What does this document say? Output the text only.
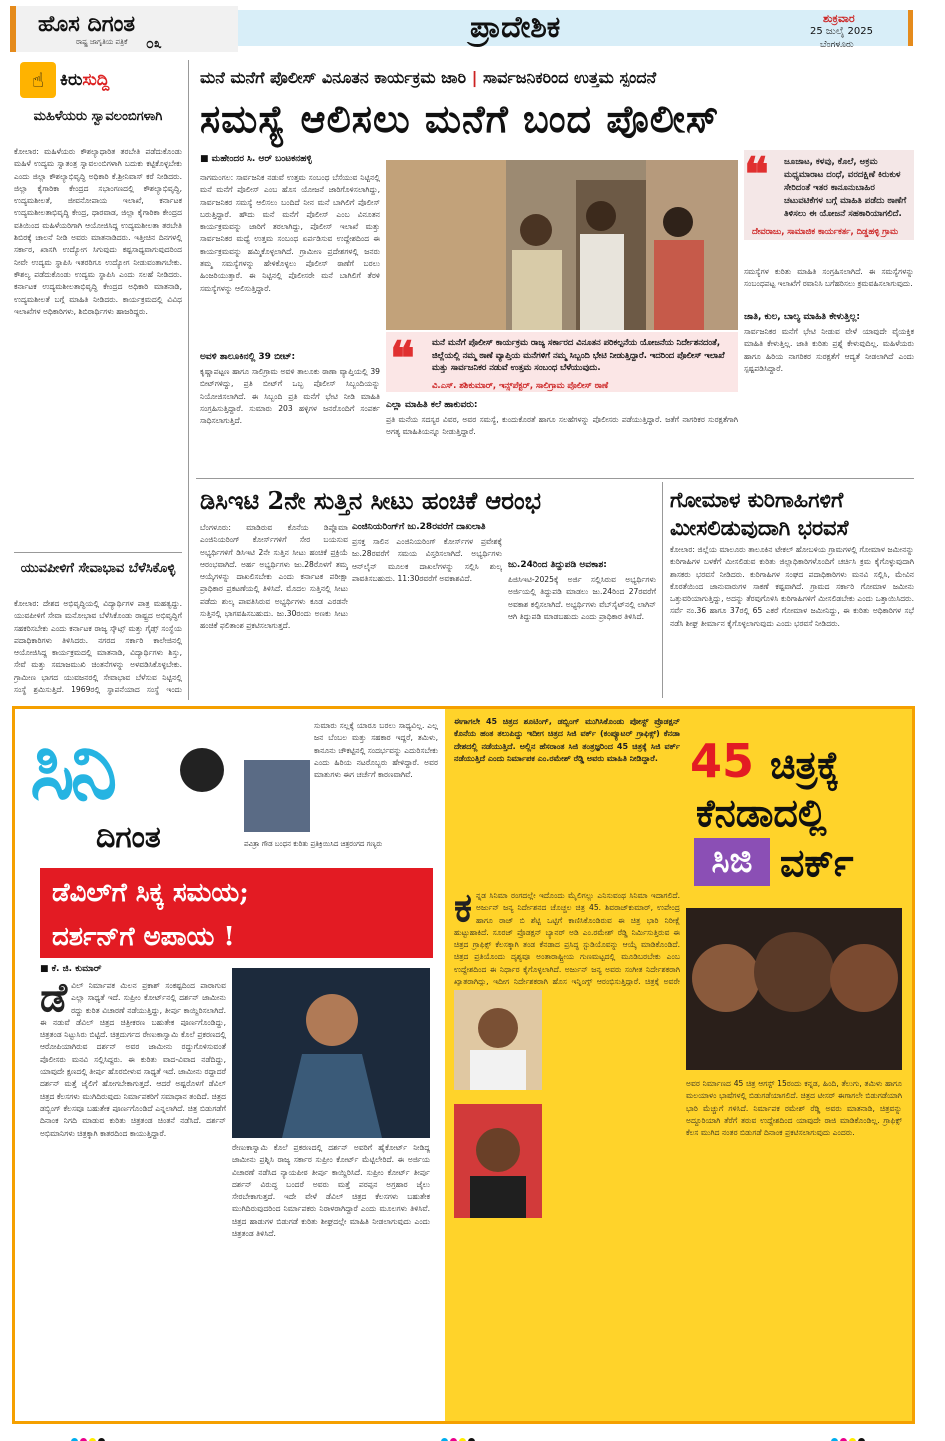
ಹೊಸ ದಿಗಂತ
ರಾಷ್ಟ್ರ ಜಾಗೃತಿಯ ಪತ್ರಿಕೆ ೦೩	ಪ್ರಾದೇಶಿಕ	ಶುಕ್ರವಾರ
25 ಜುಲೈ 2025
ಬೆಂಗಳೂರು
☝ ಕಿರುಸುದ್ದಿ
ಮಹಿಳೆಯರು ಸ್ವಾವಲಂಬಿಗಳಾಗಿ
ಕೋಲಾರ: ಮಹಿಳೆಯರು ಕೌಶಲ್ಯಾಧಾರಿತ ತರಬೇತಿ ಪಡೆದುಕೊಂಡು ಮಹಿಳೆ ಉದ್ಯಮ ಸ್ವಾತಂತ್ರ ಸ್ವಾವಲಂಬಿಗಳಾಗಿ ಬದುಕು ಕಟ್ಟಿಕೊಳ್ಳಬೇಕು ಎಂದು ಜಿಲ್ಲಾ ಕೌಶಲ್ಯಾಭಿವೃದ್ಧಿ ಅಧಿಕಾರಿ ಕೆ.ಶ್ರೀನಿವಾಸ್ ಕರೆ ನೀಡಿದರು. ಜಿಲ್ಲಾ ಕೈಗಾರಿಕಾ ಕೇಂದ್ರದ ಸಭಾಂಗಣದಲ್ಲಿ ಕೌಶಲ್ಯಾಭಿವೃದ್ಧಿ, ಉದ್ಯಮಶೀಲತೆ, ಜೀವನೋಪಾಯ ಇಲಾಖೆ, ಕರ್ನಾಟಕ ಉದ್ಯಮಶೀಲತಾಭಿವೃದ್ಧಿ ಕೇಂದ್ರ, ಧಾರವಾಡ, ಜಿಲ್ಲಾ ಕೈಗಾರಿಕಾ ಕೇಂದ್ರದ ವತಿಯಿಂದ ಮಹಿಳೆಯರಿಗಾಗಿ ಆಯೋಜಿಸಿದ್ದ ಉದ್ಯಮಶೀಲತಾ ತರಬೇತಿ ಶಿಬಿರಕ್ಕೆ ಚಾಲನೆ ನೀಡಿ ಅವರು ಮಾತನಾಡಿದರು. ಇತ್ತೀಚಿನ ದಿನಗಳಲ್ಲಿ ಸರ್ಕಾರ, ಖಾಸಗಿ ಉದ್ಯೋಗ ಸಿಗುವುದು ಕಷ್ಟಸಾಧ್ಯವಾಗುವುದರಿಂದ ನೀವೇ ಉದ್ಯಮ ಸ್ಥಾಪಿಸಿ ಇತರರಿಗೂ ಉದ್ಯೋಗ ನೀಡುವಂತಾಗಬೇಕು. ಕೌಶಲ್ಯ ಪಡೆದುಕೊಂಡು ಉದ್ಯಮ ಸ್ಥಾಪಿಸಿ ಎಂದು ಸಲಹೆ ನೀಡಿದರು. ಕರ್ನಾಟಕ ಉದ್ಯಮಶೀಲತಾಭಿವೃದ್ಧಿ ಕೇಂದ್ರದ ಅಧಿಕಾರಿ ಮಾತನಾಡಿ, ಉದ್ಯಮಶೀಲತೆ ಬಗ್ಗೆ ಮಾಹಿತಿ ನೀಡಿದರು. ಕಾರ್ಯಕ್ರಮದಲ್ಲಿ ವಿವಿಧ ಇಲಾಖೆಗಳ ಅಧಿಕಾರಿಗಳು, ಶಿಬಿರಾರ್ಥಿಗಳು ಹಾಜರಿದ್ದರು.
ಯುವಪೀಳಿಗೆ ಸೇವಾಭಾವ ಬೆಳೆಸಿಕೊಳ್ಳಿ
ಕೋಲಾರ: ದೇಶದ ಅಭಿವೃದ್ಧಿಯಲ್ಲಿ ವಿದ್ಯಾರ್ಥಿಗಳ ಪಾತ್ರ ಮಹತ್ವದ್ದು. ಯುವಪೀಳಿಗೆ ಸೇವಾ ಮನೋಭಾವ ಬೆಳೆಸಿಕೊಂಡು ರಾಷ್ಟ್ರದ ಅಭಿವೃದ್ಧಿಗೆ ಸಹಕರಿಸಬೇಕು ಎಂದು ಕರ್ನಾಟಕ ರಾಜ್ಯ ಸ್ಕೌಟ್ಸ್ ಮತ್ತು ಗೈಡ್ಸ್ ಸಂಸ್ಥೆಯ ಪದಾಧಿಕಾರಿಗಳು ತಿಳಿಸಿದರು. ನಗರದ ಸರ್ಕಾರಿ ಕಾಲೇಜಿನಲ್ಲಿ ಆಯೋಜಿಸಿದ್ದ ಕಾರ್ಯಕ್ರಮದಲ್ಲಿ ಮಾತನಾಡಿ, ವಿದ್ಯಾರ್ಥಿಗಳು ಶಿಸ್ತು, ಸೇವೆ ಮತ್ತು ಸಮಾಜಮುಖಿ ಚಿಂತನೆಗಳನ್ನು ಅಳವಡಿಸಿಕೊಳ್ಳಬೇಕು. ಗ್ರಾಮೀಣ ಭಾಗದ ಯುವಜನರಲ್ಲಿ ಸೇವಾಭಾವ ಬೆಳೆಸುವ ನಿಟ್ಟಿನಲ್ಲಿ ಸಂಸ್ಥೆ ಶ್ರಮಿಸುತ್ತಿದೆ. 1969ರಲ್ಲಿ ಸ್ಥಾಪನೆಯಾದ ಸಂಸ್ಥೆ ಇಂದು
ಮನೆ ಮನೆಗೆ ಪೊಲೀಸ್ ವಿನೂತನ ಕಾರ್ಯಕ್ರಮ ಜಾರಿ | ಸಾರ್ವಜನಿಕರಿಂದ ಉತ್ತಮ ಸ್ಪಂದನೆ
ಸಮಸ್ಯೆ ಆಲಿಸಲು ಮನೆಗೆ ಬಂದ ಪೊಲೀಸ್
■ ಮಹೇಂದರ ಸಿ. ಆರ್ ಬಂಟಕನಹಳ್ಳಿ
ನಾಗಮಂಗಲ: ಸಾರ್ವಜನಿಕ ನಡುವೆ ಉತ್ತಮ ಸಂಬಂಧ ಬೆಸೆಯುವ ನಿಟ್ಟಿನಲ್ಲಿ ಮನೆ ಮನೆಗೆ ಪೊಲೀಸ್ ಎಂಬ ಹೊಸ ಯೋಜನೆ ಜಾರಿಗೊಳಿಸಲಾಗಿದ್ದು, ಸಾರ್ವಜನಿಕರ ಸಮಸ್ಯೆ ಆಲಿಸಲು ಬಂದಿದೆ ನೀನ ಮನೆ ಬಾಗಿಲಿಗೆ ಪೊಲೀಸ್ ಬರುತ್ತಿದ್ದಾರೆ. ಹೌದು ಮನೆ ಮನೆಗೆ ಪೊಲೀಸ್ ಎಂಬ ವಿನೂತನ ಕಾರ್ಯಕ್ರಮವನ್ನು ಜಾರಿಗೆ ತರಲಾಗಿದ್ದು, ಪೊಲೀಸ್ ಇಲಾಖೆ ಮತ್ತು ಸಾರ್ವಜನಿಕರ ಮಧ್ಯೆ ಉತ್ತಮ ಸಂಬಂಧ ಏರ್ಪಡಿಸುವ ಉದ್ದೇಶದಿಂದ ಈ ಕಾರ್ಯಕ್ರಮವನ್ನು ಹಮ್ಮಿಕೊಳ್ಳಲಾಗಿದೆ. ಗ್ರಾಮೀಣ ಪ್ರದೇಶಗಳಲ್ಲಿ ಜನರು ತಮ್ಮ ಸಮಸ್ಯೆಗಳನ್ನು ಹೇಳಿಕೊಳ್ಳಲು ಪೊಲೀಸ್ ಠಾಣೆಗೆ ಬರಲು ಹಿಂಜರಿಯುತ್ತಾರೆ. ಈ ನಿಟ್ಟಿನಲ್ಲಿ ಪೊಲೀಸರೇ ಮನೆ ಬಾಗಿಲಿಗೆ ತೆರಳಿ ಸಮಸ್ಯೆಗಳನ್ನು ಆಲಿಸುತ್ತಿದ್ದಾರೆ.
ಅವಳಿ ತಾಲೂಕಿನಲ್ಲಿ 39 ಬೀಟ್:
ಕೃಷ್ಣಾಪಟ್ಟಣ ಹಾಗೂ ಸಾಲಿಗ್ರಾಮ ಅವಳಿ ತಾಲೂಕು ಠಾಣಾ ವ್ಯಾಪ್ತಿಯಲ್ಲಿ 39 ಬೀಟ್‌ಗಳಿದ್ದು, ಪ್ರತಿ ಬೀಟ್‌ಗೆ ಒಬ್ಬ ಪೊಲೀಸ್ ಸಿಬ್ಬಂದಿಯನ್ನು ನಿಯೋಜಿಸಲಾಗಿದೆ. ಈ ಸಿಬ್ಬಂದಿ ಪ್ರತಿ ಮನೆಗೆ ಭೇಟಿ ನೀಡಿ ಮಾಹಿತಿ ಸಂಗ್ರಹಿಸುತ್ತಿದ್ದಾರೆ. ಸುಮಾರು 203 ಹಳ್ಳಿಗಳ ಜನರೊಂದಿಗೆ ಸಂಪರ್ಕ ಸಾಧಿಸಲಾಗುತ್ತಿದೆ.
❝ ಜೂಜಾಟ, ಕಳವು, ಕೊಲೆ, ಅಕ್ರಮ ಮಧ್ಯಮಾರಾಟ ದಂಧೆ, ವರದಕ್ಷಿಣೆ ಕಿರುಕುಳ ಸೇರಿದಂತೆ ಇತರ ಕಾನೂನುಬಾಹಿರ ಚಟುವಟಿಕೆಗಳ ಬಗ್ಗೆ ಮಾಹಿತಿ ಪಡೆದು ಠಾಣೆಗೆ ತಿಳಿಸಲು ಈ ಯೋಜನೆ ಸಹಕಾರಿಯಾಗಲಿದೆ.
ದೇವರಾಜು, ಸಾಮಾಜಿಕ ಕಾರ್ಯಕರ್ತ, ದಿಡ್ಡಹಳ್ಳಿ ಗ್ರಾಮ
ಸಮಸ್ಯೆಗಳ ಕುರಿತು ಮಾಹಿತಿ ಸಂಗ್ರಹಿಸಲಾಗಿದೆ. ಈ ಸಮಸ್ಯೆಗಳನ್ನು ಸಂಬಂಧಪಟ್ಟ ಇಲಾಖೆಗೆ ರವಾನಿಸಿ ಬಗೆಹರಿಸಲು ಕ್ರಮವಹಿಸಲಾಗುವುದು.
ಜಾತಿ, ಕುಲ, ಬಾಲ್ಯ ಮಾಹಿತಿ ಕೇಳುತ್ತಿಲ್ಲ:
ಸಾರ್ವಜನಿಕರ ಮನೆಗೆ ಭೇಟಿ ನೀಡುವ ವೇಳೆ ಯಾವುದೇ ವೈಯಕ್ತಿಕ ಮಾಹಿತಿ ಕೇಳುತ್ತಿಲ್ಲ. ಜಾತಿ ಕುರಿತು ಪ್ರಶ್ನೆ ಕೇಳುವುದಿಲ್ಲ. ಮಹಿಳೆಯರು ಹಾಗೂ ಹಿರಿಯ ನಾಗರಿಕರ ಸುರಕ್ಷತೆಗೆ ಆದ್ಯತೆ ನೀಡಲಾಗಿದೆ ಎಂದು ಸ್ಪಷ್ಟಪಡಿಸಿದ್ದಾರೆ.
❝ ಮನೆ ಮನೆಗೆ ಪೊಲೀಸ್ ಕಾರ್ಯಕ್ರಮ ರಾಜ್ಯ ಸರ್ಕಾರದ ವಿನೂತನ ಪರಿಕಲ್ಪನೆಯ ಯೋಜನೆಯ ನಿರ್ದೇಶನದಂತೆ, ಜಿಲ್ಲೆಯಲ್ಲಿ ನಮ್ಮ ಠಾಣೆ ವ್ಯಾಪ್ತಿಯ ಮನೆಗಳಿಗೆ ನಮ್ಮ ಸಿಬ್ಬಂದಿ ಭೇಟಿ ನೀಡುತ್ತಿದ್ದಾರೆ. ಇದರಿಂದ ಪೊಲೀಸ್ ಇಲಾಖೆ ಮತ್ತು ಸಾರ್ವಜನಿಕರ ನಡುವೆ ಉತ್ತಮ ಸಂಬಂಧ ಬೆಳೆಯುವುದು.
ವಿ.ಎಸ್. ಶಶಿಕುಮಾರ್, ಇನ್ಸ್‌ಪೆಕ್ಟರ್, ಸಾಲಿಗ್ರಾಮ ಪೊಲೀಸ್ ಠಾಣೆ
ಎಲ್ಲಾ ಮಾಹಿತಿ ಕಲೆ ಹಾಕುವರು:
ಪ್ರತಿ ಮನೆಯ ಸದಸ್ಯರ ವಿವರ, ಅವರ ಸಮಸ್ಯೆ, ಕುಂದುಕೊರತೆ ಹಾಗೂ ಸಲಹೆಗಳನ್ನು ಪೊಲೀಸರು ಪಡೆಯುತ್ತಿದ್ದಾರೆ. ಜತೆಗೆ ನಾಗರಿಕರ ಸುರಕ್ಷತೆಗಾಗಿ ಅಗತ್ಯ ಮಾಹಿತಿಯನ್ನೂ ನೀಡುತ್ತಿದ್ದಾರೆ.
ಡಿಸಿಇಟಿ 2ನೇ ಸುತ್ತಿನ ಸೀಟು ಹಂಚಿಕೆ ಆರಂಭ
ಬೆಂಗಳೂರು: ಮಾಡಿರುವ ಕೊನೆಯ ಡಿಪ್ಲೊಮಾ ಎಂಜಿನಿಯರಿಂಗ್ ಕೋರ್ಸ್‌ಗಳಿಗೆ ಸೇರ ಬಯಸುವ ಅಭ್ಯರ್ಥಿಗಳಿಗೆ ಡಿಸಿಇಟಿ 2ನೇ ಸುತ್ತಿನ ಸೀಟು ಹಂಚಿಕೆ ಪ್ರಕ್ರಿಯೆ ಆರಂಭವಾಗಿದೆ. ಅರ್ಹ ಅಭ್ಯರ್ಥಿಗಳು ಜು.28ರೊಳಗೆ ತಮ್ಮ ಆಯ್ಕೆಗಳನ್ನು ದಾಖಲಿಸಬೇಕು ಎಂದು ಕರ್ನಾಟಕ ಪರೀಕ್ಷಾ ಪ್ರಾಧಿಕಾರ ಪ್ರಕಟಣೆಯಲ್ಲಿ ತಿಳಿಸಿದೆ. ಮೊದಲ ಸುತ್ತಿನಲ್ಲಿ ಸೀಟು ಪಡೆದು ಶುಲ್ಕ ಪಾವತಿಸಿರುವ ಅಭ್ಯರ್ಥಿಗಳು ಕೂಡ ಎರಡನೇ ಸುತ್ತಿನಲ್ಲಿ ಭಾಗವಹಿಸಬಹುದು. ಜು.30ರಂದು ಅಣಕು ಸೀಟು ಹಂಚಿಕೆ ಫಲಿತಾಂಶ ಪ್ರಕಟಿಸಲಾಗುತ್ತದೆ.
ಎಂಜಿನಿಯರಿಂಗ್‌ಗೆ ಜು.28ರವರೆಗೆ ದಾಖಲಾತಿ
ಪ್ರಸಕ್ತ ಸಾಲಿನ ಎಂಜಿನಿಯರಿಂಗ್ ಕೋರ್ಸ್‌ಗಳ ಪ್ರವೇಶಕ್ಕೆ ಜು.28ರವರೆಗೆ ಸಮಯ ವಿಸ್ತರಿಸಲಾಗಿದೆ. ಅಭ್ಯರ್ಥಿಗಳು ಆನ್‌ಲೈನ್ ಮೂಲಕ ದಾಖಲೆಗಳನ್ನು ಸಲ್ಲಿಸಿ ಶುಲ್ಕ ಪಾವತಿಸಬಹುದು. 11:30ರವರೆಗೆ ಅವಕಾಶವಿದೆ.
ಜು.24ರಿಂದ ತಿದ್ದುಪಡಿ ಅವಕಾಶ:
ಪಿಜಿಸಿಇಟಿ-2025ಕ್ಕೆ ಅರ್ಜಿ ಸಲ್ಲಿಸಿರುವ ಅಭ್ಯರ್ಥಿಗಳು ಅರ್ಜಿಯಲ್ಲಿ ತಿದ್ದುಪಡಿ ಮಾಡಲು ಜು.24ರಿಂದ 27ರವರೆಗೆ ಅವಕಾಶ ಕಲ್ಪಿಸಲಾಗಿದೆ. ಅಭ್ಯರ್ಥಿಗಳು ವೆಬ್‌ಸೈಟ್‌ನಲ್ಲಿ ಲಾಗಿನ್ ಆಗಿ ತಿದ್ದುಪಡಿ ಮಾಡಬಹುದು ಎಂದು ಪ್ರಾಧಿಕಾರ ತಿಳಿಸಿದೆ.
ಗೋಮಾಳ ಕುರಿಗಾಹಿಗಳಿಗೆ ಮೀಸಲಿಡುವುದಾಗಿ ಭರವಸೆ
ಕೋಲಾರ: ಜಿಲ್ಲೆಯ ಮಾಲೂರು ತಾಲೂಕಿನ ಟೇಕಲ್ ಹೋಬಳಿಯ ಗ್ರಾಮಗಳಲ್ಲಿ ಗೋಮಾಳ ಜಮೀನನ್ನು ಕುರಿಗಾಹಿಗಳ ಬಳಕೆಗೆ ಮೀಸಲಿಡುವ ಕುರಿತು ಜಿಲ್ಲಾಧಿಕಾರಿಗಳೊಂದಿಗೆ ಚರ್ಚಿಸಿ ಕ್ರಮ ಕೈಗೊಳ್ಳುವುದಾಗಿ ಶಾಸಕರು ಭರವಸೆ ನೀಡಿದರು. ಕುರಿಗಾಹಿಗಳ ಸಂಘದ ಪದಾಧಿಕಾರಿಗಳು ಮನವಿ ಸಲ್ಲಿಸಿ, ಮೇವಿನ ಕೊರತೆಯಿಂದ ಜಾನುವಾರುಗಳ ಸಾಕಣೆ ಕಷ್ಟವಾಗಿದೆ. ಗ್ರಾಮದ ಸರ್ಕಾರಿ ಗೋಮಾಳ ಜಮೀನು ಒತ್ತುವರಿಯಾಗುತ್ತಿದ್ದು, ಅದನ್ನು ತೆರವುಗೊಳಿಸಿ ಕುರಿಗಾಹಿಗಳಿಗೆ ಮೀಸಲಿಡಬೇಕು ಎಂದು ಒತ್ತಾಯಿಸಿದರು. ಸರ್ವೆ ನಂ.36 ಹಾಗೂ 37ರಲ್ಲಿ 65 ಎಕರೆ ಗೋಮಾಳ ಜಮೀನಿದ್ದು, ಈ ಕುರಿತು ಅಧಿಕಾರಿಗಳ ಸಭೆ ನಡೆಸಿ ಶೀಘ್ರ ತೀರ್ಮಾನ ಕೈಗೊಳ್ಳಲಾಗುವುದು ಎಂದು ಭರವಸೆ ನೀಡಿದರು.
ಸಿನಿ
ದಿಗಂತ
ಸುಮಾರು ಸಲ್ಲಕ್ಕೆ ಯಾರೂ ಬರಲು ಸಾಧ್ಯವಿಲ್ಲ. ಎಲ್ಲ ಜನ ಬೆಂಬಲ ಮತ್ತು ಸಹಕಾರ ಇದ್ದರೆ, ತಮಿಳು, ಕಾನೂನು ಚೌಕಟ್ಟಿನಲ್ಲಿ ಸಂದರ್ಭವನ್ನು ಎದುರಿಸಬೇಕು ಎಂದು ಹಿರಿಯ ನಟರೊಬ್ಬರು ಹೇಳಿದ್ದಾರೆ. ಅವರ ಮಾತುಗಳು ಈಗ ಚರ್ಚೆಗೆ ಕಾರಣವಾಗಿವೆ.
ಪವಿತ್ರಾ ಗೌಡ ಬಂಧನ ಕುರಿತು ಪ್ರತಿಕ್ರಿಯಿಸಿದ ಚಿತ್ರರಂಗದ ಗಣ್ಯರು
ಡೆವಿಲ್‌ಗೆ ಸಿಕ್ಕ ಸಮಯ;
ದರ್ಶನ್‌ಗೆ ಅಪಾಯ !
■ ಕೆ. ಜಿ. ಕುಮಾರ್
ಡೆ ವಿಲ್ ನಿರ್ಮಾಪಕ ಮಿಲನ ಪ್ರಕಾಶ್ ಸಂಕಷ್ಟದಿಂದ ಪಾರಾಗುವ ಎಲ್ಲಾ ಸಾಧ್ಯತೆ ಇದೆ. ಸುಪ್ರೀಂ ಕೋರ್ಟ್‌ನಲ್ಲಿ ದರ್ಶನ್ ಜಾಮೀನು ರದ್ದು ಕುರಿತ ವಿಚಾರಣೆ ನಡೆಯುತ್ತಿದ್ದು, ತೀರ್ಪು ಕಾಯ್ದಿರಿಸಲಾಗಿದೆ. ಈ ನಡುವೆ ಡೆವಿಲ್ ಚಿತ್ರದ ಚಿತ್ರೀಕರಣ ಬಹುತೇಕ ಪೂರ್ಣಗೊಂಡಿದ್ದು, ಚಿತ್ರತಂಡ ನಿಟ್ಟುಸಿರು ಬಿಟ್ಟಿದೆ. ಚಿತ್ರದುರ್ಗದ ರೇಣುಕಾಸ್ವಾಮಿ ಕೊಲೆ ಪ್ರಕರಣದಲ್ಲಿ ಆರೋಪಿಯಾಗಿರುವ ದರ್ಶನ್ ಅವರ ಜಾಮೀನು ರದ್ದುಗೊಳಿಸುವಂತೆ ಪೊಲೀಸರು ಮನವಿ ಸಲ್ಲಿಸಿದ್ದರು. ಈ ಕುರಿತು ವಾದ-ವಿವಾದ ನಡೆದಿದ್ದು, ಯಾವುದೇ ಕ್ಷಣದಲ್ಲಿ ತೀರ್ಪು ಹೊರಬೀಳುವ ಸಾಧ್ಯತೆ ಇದೆ. ಜಾಮೀನು ರದ್ದಾದರೆ ದರ್ಶನ್ ಮತ್ತೆ ಜೈಲಿಗೆ ಹೋಗಬೇಕಾಗುತ್ತದೆ. ಆದರೆ ಅಷ್ಟರೊಳಗೆ ಡೆವಿಲ್ ಚಿತ್ರದ ಕೆಲಸಗಳು ಮುಗಿದಿರುವುದು ನಿರ್ಮಾಪಕರಿಗೆ ಸಮಾಧಾನ ತಂದಿದೆ. ಚಿತ್ರದ ಡಬ್ಬಿಂಗ್ ಕೆಲಸವೂ ಬಹುತೇಕ ಪೂರ್ಣಗೊಂಡಿದೆ ಎನ್ನಲಾಗಿದೆ. ಚಿತ್ರ ಬಿಡುಗಡೆಗೆ ದಿನಾಂಕ ನಿಗದಿ ಮಾಡುವ ಕುರಿತು ಚಿತ್ರತಂಡ ಚಿಂತನೆ ನಡೆಸಿದೆ. ದರ್ಶನ್ ಅಭಿಮಾನಿಗಳು ಚಿತ್ರಕ್ಕಾಗಿ ಕಾತರದಿಂದ ಕಾಯುತ್ತಿದ್ದಾರೆ.
ರೇಣುಕಾಸ್ವಾಮಿ ಕೊಲೆ ಪ್ರಕರಣದಲ್ಲಿ ದರ್ಶನ್ ಅವರಿಗೆ ಹೈಕೋರ್ಟ್ ನೀಡಿದ್ದ ಜಾಮೀನು ಪ್ರಶ್ನಿಸಿ ರಾಜ್ಯ ಸರ್ಕಾರ ಸುಪ್ರೀಂ ಕೋರ್ಟ್ ಮೆಟ್ಟಿಲೇರಿದೆ. ಈ ಅರ್ಜಿಯ ವಿಚಾರಣೆ ನಡೆಸಿದ ನ್ಯಾಯಪೀಠ ತೀರ್ಪು ಕಾಯ್ದಿರಿಸಿದೆ. ಸುಪ್ರೀಂ ಕೋರ್ಟ್ ತೀರ್ಪು ದರ್ಶನ್ ವಿರುದ್ಧ ಬಂದರೆ ಅವರು ಮತ್ತೆ ಪರಪ್ಪನ ಅಗ್ರಹಾರ ಜೈಲು ಸೇರಬೇಕಾಗುತ್ತದೆ. ಇದೇ ವೇಳೆ ಡೆವಿಲ್ ಚಿತ್ರದ ಕೆಲಸಗಳು ಬಹುತೇಕ ಮುಗಿದಿರುವುದರಿಂದ ನಿರ್ಮಾಪಕರು ನಿರಾಳರಾಗಿದ್ದಾರೆ ಎಂದು ಮೂಲಗಳು ತಿಳಿಸಿವೆ. ಚಿತ್ರದ ಹಾಡುಗಳ ಬಿಡುಗಡೆ ಕುರಿತು ಶೀಘ್ರದಲ್ಲೇ ಮಾಹಿತಿ ನೀಡಲಾಗುವುದು ಎಂದು ಚಿತ್ರತಂಡ ತಿಳಿಸಿದೆ.
ಈಗಾಗಲೇ 45 ಚಿತ್ರದ ಶೂಟಿಂಗ್, ಡಬ್ಬಿಂಗ್ ಮುಗಿಸಿಕೊಂಡು ಪೋಸ್ಟ್ ಪ್ರೊಡಕ್ಷನ್ ಕೊನೆಯ ಹಂತ ತಲುಪಿದ್ದು ಇದೀಗ ಚಿತ್ರದ ಸಿಜಿ ವರ್ಕ್ (ಕಂಪ್ಯೂಟರ್ ಗ್ರಾಫಿಕ್ಸ್) ಕೆನಡಾ ದೇಶದಲ್ಲಿ ನಡೆಯುತ್ತಿದೆ. ಅಲ್ಲಿನ ಹೆಸರಾಂತ ಸಿಜಿ ತಂತ್ರಜ್ಞರಿಂದ 45 ಚಿತ್ರಕ್ಕೆ ಸಿಜಿ ವರ್ಕ್ ನಡೆಯುತ್ತಿದೆ ಎಂದು ನಿರ್ಮಾಪಕ ಎಂ.ರಮೇಶ್ ರೆಡ್ಡಿ ಅವರು ಮಾಹಿತಿ ನೀಡಿದ್ದಾರೆ. 45 ಚಿತ್ರಕ್ಕೆ
ಕೆನಡಾದಲ್ಲಿ
ಸಿಜಿ ವರ್ಕ್
ಕ ನ್ನಡ ಸಿನಿಮಾ ರಂಗದಲ್ಲೇ ಇದೊಂದು ಮೈಲಿಗಲ್ಲು ಎನಿಸುವಂಥ ಸಿನಿಮಾ ಇದಾಗಲಿದೆ. ಅರ್ಜುನ್ ಜನ್ಯ ನಿರ್ದೇಶನದ ಚೊಚ್ಚಲ ಚಿತ್ರ 45. ಶಿವರಾಜ್‌ಕುಮಾರ್, ಉಪೇಂದ್ರ ಹಾಗೂ ರಾಜ್ ಬಿ ಶೆಟ್ಟಿ ಒಟ್ಟಿಗೆ ಕಾಣಿಸಿಕೊಂಡಿರುವ ಈ ಚಿತ್ರ ಭಾರಿ ನಿರೀಕ್ಷೆ ಹುಟ್ಟುಹಾಕಿದೆ. ಸೂರಜ್ ಪ್ರೊಡಕ್ಷನ್ ಬ್ಯಾನರ್ ಅಡಿ ಎಂ.ರಮೇಶ್ ರೆಡ್ಡಿ ನಿರ್ಮಿಸುತ್ತಿರುವ ಈ ಚಿತ್ರದ ಗ್ರಾಫಿಕ್ಸ್ ಕೆಲಸಕ್ಕಾಗಿ ತಂಡ ಕೆನಡಾದ ಪ್ರಸಿದ್ಧ ಸ್ಟುಡಿಯೊವನ್ನು ಆಯ್ಕೆ ಮಾಡಿಕೊಂಡಿದೆ. ಚಿತ್ರದ ಪ್ರತಿಯೊಂದು ದೃಶ್ಯವೂ ಅಂತಾರಾಷ್ಟ್ರೀಯ ಗುಣಮಟ್ಟದಲ್ಲಿ ಮೂಡಿಬರಬೇಕು ಎಂಬ ಉದ್ದೇಶದಿಂದ ಈ ನಿರ್ಧಾರ ಕೈಗೊಳ್ಳಲಾಗಿದೆ. ಅರ್ಜುನ್ ಜನ್ಯ ಅವರು ಸಂಗೀತ ನಿರ್ದೇಶಕರಾಗಿ ಖ್ಯಾತರಾಗಿದ್ದು, ಇದೀಗ ನಿರ್ದೇಶಕರಾಗಿ ಹೊಸ ಇನ್ನಿಂಗ್ಸ್ ಆರಂಭಿಸುತ್ತಿದ್ದಾರೆ. ಚಿತ್ರಕ್ಕೆ ಅವರೇ
ಅವರ ನಿರ್ಮಾಣದ 45 ಚಿತ್ರ ಆಗಸ್ಟ್ 15ರಂದು ಕನ್ನಡ, ಹಿಂದಿ, ತೆಲುಗು, ತಮಿಳು ಹಾಗೂ ಮಲಯಾಳಂ ಭಾಷೆಗಳಲ್ಲಿ ಬಿಡುಗಡೆಯಾಗಲಿದೆ. ಚಿತ್ರದ ಟೀಸರ್ ಈಗಾಗಲೇ ಬಿಡುಗಡೆಯಾಗಿ ಭಾರಿ ಮೆಚ್ಚುಗೆ ಗಳಿಸಿದೆ. ನಿರ್ಮಾಪಕ ರಮೇಶ್ ರೆಡ್ಡಿ ಅವರು ಮಾತನಾಡಿ, ಚಿತ್ರವನ್ನು ಅದ್ದೂರಿಯಾಗಿ ತೆರೆಗೆ ತರುವ ಉದ್ದೇಶದಿಂದ ಯಾವುದೇ ರಾಜಿ ಮಾಡಿಕೊಂಡಿಲ್ಲ. ಗ್ರಾಫಿಕ್ಸ್ ಕೆಲಸ ಮುಗಿದ ನಂತರ ಬಿಡುಗಡೆ ದಿನಾಂಕ ಪ್ರಕಟಿಸಲಾಗುವುದು ಎಂದರು.
